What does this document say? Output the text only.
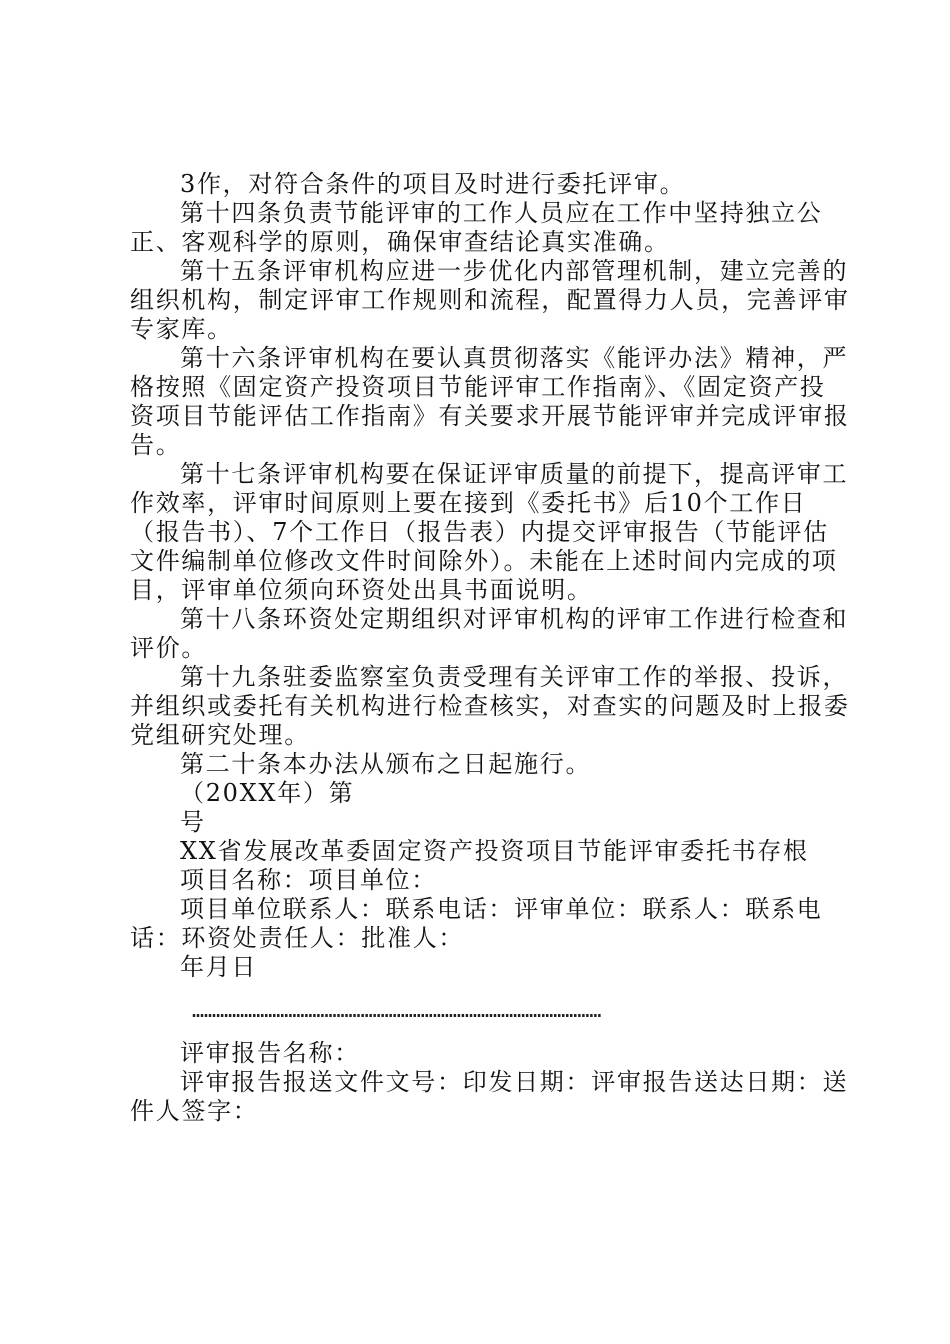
3作，对符合条件的项目及时进行委托评审。

第十四条负责节能评审的工作人员应在工作中坚持独立公正、客观科学的原则，确保审查结论真实准确。

第十五条评审机构应进一步优化内部管理机制，建立完善的组织机构，制定评审工作规则和流程，配置得力人员，完善评审专家库。

第十六条评审机构在要认真贯彻落实《能评办法》精神，严格按照《固定资产投资项目节能评审工作指南》、《固定资产投资项目节能评估工作指南》有关要求开展节能评审并完成评审报告。

第十七条评审机构要在保证评审质量的前提下，提高评审工作效率，评审时间原则上要在接到《委托书》后10个工作日（报告书）、7个工作日（报告表）内提交评审报告（节能评估文件编制单位修改文件时间除外）。未能在上述时间内完成的项目，评审单位须向环资处出具书面说明。

第十八条环资处定期组织对评审机构的评审工作进行检查和评价。

第十九条驻委监察室负责受理有关评审工作的举报、投诉，并组织或委托有关机构进行检查核实，对查实的问题及时上报委党组研究处理。

第二十条本办法从颁布之日起施行。

（20XX年）第

号

XX省发展改革委固定资产投资项目节能评审委托书存根

项目名称：项目单位：

项目单位联系人：联系电话：评审单位：联系人：联系电话：环资处责任人：批准人：

年月日

…………………………………………………………………………………………

评审报告名称：

评审报告报送文件文号：印发日期：评审报告送达日期：送件人签字：
